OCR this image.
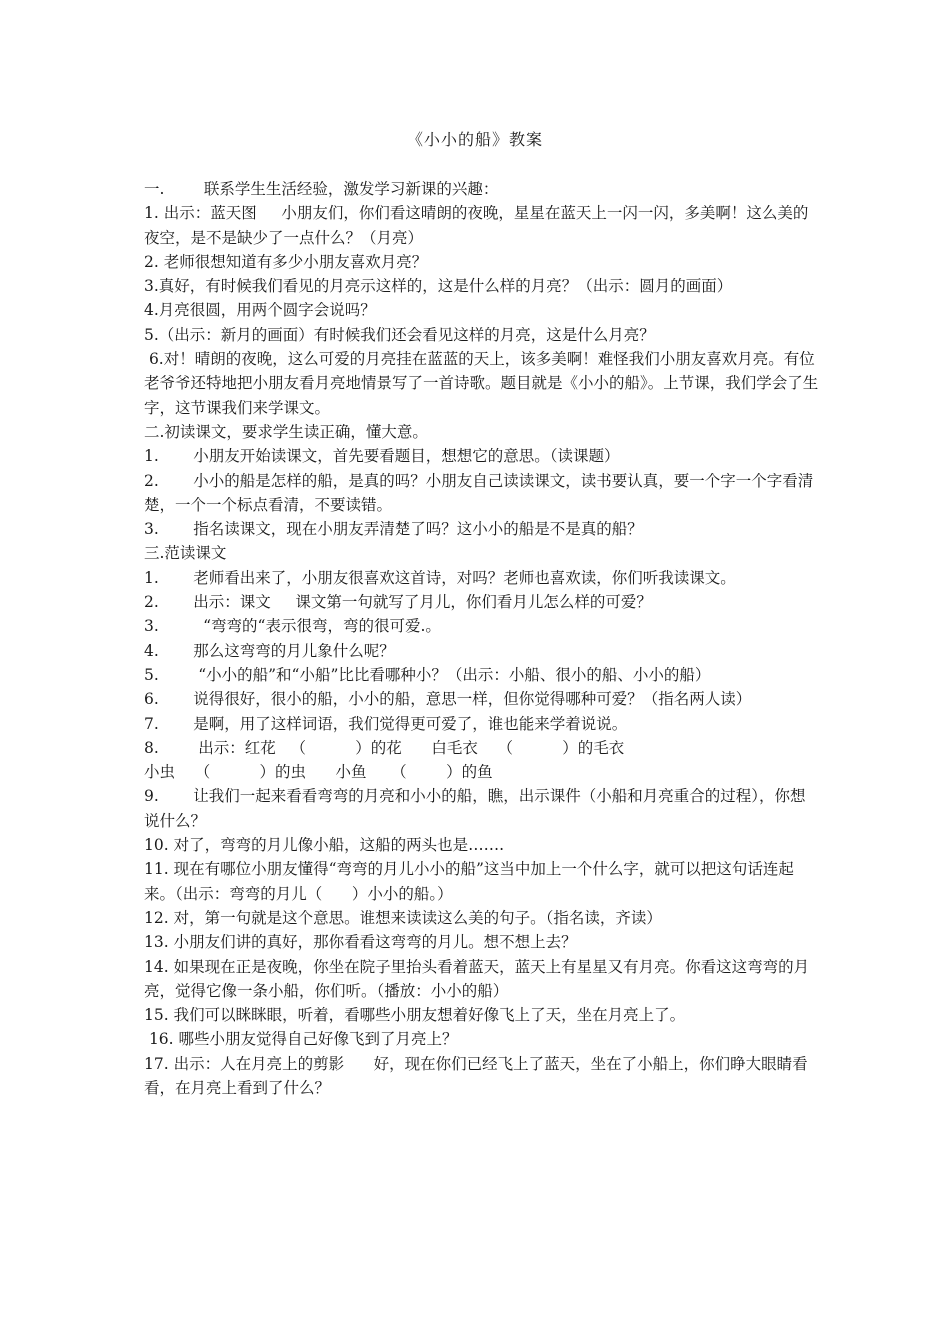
《小小的船》教案

一.        联系学生生活经验，激发学习新课的兴趣：

1. 出示：蓝天图     小朋友们，你们看这晴朗的夜晚，星星在蓝天上一闪一闪，多美啊！这么美的夜空，是不是缺少了一点什么？（月亮）

2. 老师很想知道有多少小朋友喜欢月亮？

3.真好，有时候我们看见的月亮示这样的，这是什么样的月亮？（出示：圆月的画面）

4.月亮很圆，用两个圆字会说吗？

5.（出示：新月的画面）有时候我们还会看见这样的月亮，这是什么月亮？

6.对！晴朗的夜晚，这么可爱的月亮挂在蓝蓝的天上，该多美啊！难怪我们小朋友喜欢月亮。有位老爷爷还特地把小朋友看月亮地情景写了一首诗歌。题目就是《小小的船》。上节课，我们学会了生字，这节课我们来学课文。

二.初读课文，要求学生读正确，懂大意。

1.       小朋友开始读课文，首先要看题目，想想它的意思。（读课题）

2.       小小的船是怎样的船，是真的吗？小朋友自己读读课文，读书要认真，要一个字一个字看清楚，一个一个标点看清，不要读错。

3.       指名读课文，现在小朋友弄清楚了吗？这小小的船是不是真的船？

三.范读课文

1.       老师看出来了，小朋友很喜欢这首诗，对吗？老师也喜欢读，你们听我读课文。

2.       出示：课文     课文第一句就写了月儿，你们看月儿怎么样的可爱？

3.         “弯弯的“表示很弯，弯的很可爱.。

4.       那么这弯弯的月儿象什么呢？

5.        “小小的船”和“小船”比比看哪种小？（出示：小船、很小的船、小小的船）

6.       说得很好，很小的船，小小的船，意思一样，但你觉得哪种可爱？（指名两人读）

7.       是啊，用了这样词语，我们觉得更可爱了，谁也能来学着说说。

8.        出示：红花   （          ）的花      白毛衣    （          ）的毛衣

小虫    （          ）的虫      小鱼     （        ）的鱼

9.       让我们一起来看看弯弯的月亮和小小的船，瞧，出示课件（小船和月亮重合的过程），你想说什么？

10. 对了，弯弯的月儿像小船，这船的两头也是…….

11. 现在有哪位小朋友懂得“弯弯的月儿小小的船”这当中加上一个什么字，就可以把这句话连起来。（出示：弯弯的月儿（      ）小小的船。）

12. 对，第一句就是这个意思。谁想来读读这么美的句子。（指名读，齐读）

13. 小朋友们讲的真好，那你看看这弯弯的月儿。想不想上去？

14. 如果现在正是夜晚，你坐在院子里抬头看着蓝天，蓝天上有星星又有月亮。你看这这弯弯的月亮，觉得它像一条小船，你们听。（播放：小小的船）

15. 我们可以眯眯眼，听着，看哪些小朋友想着好像飞上了天，坐在月亮上了。

16. 哪些小朋友觉得自己好像飞到了月亮上？

17. 出示：人在月亮上的剪影      好，现在你们已经飞上了蓝天，坐在了小船上，你们睁大眼睛看看，在月亮上看到了什么？
